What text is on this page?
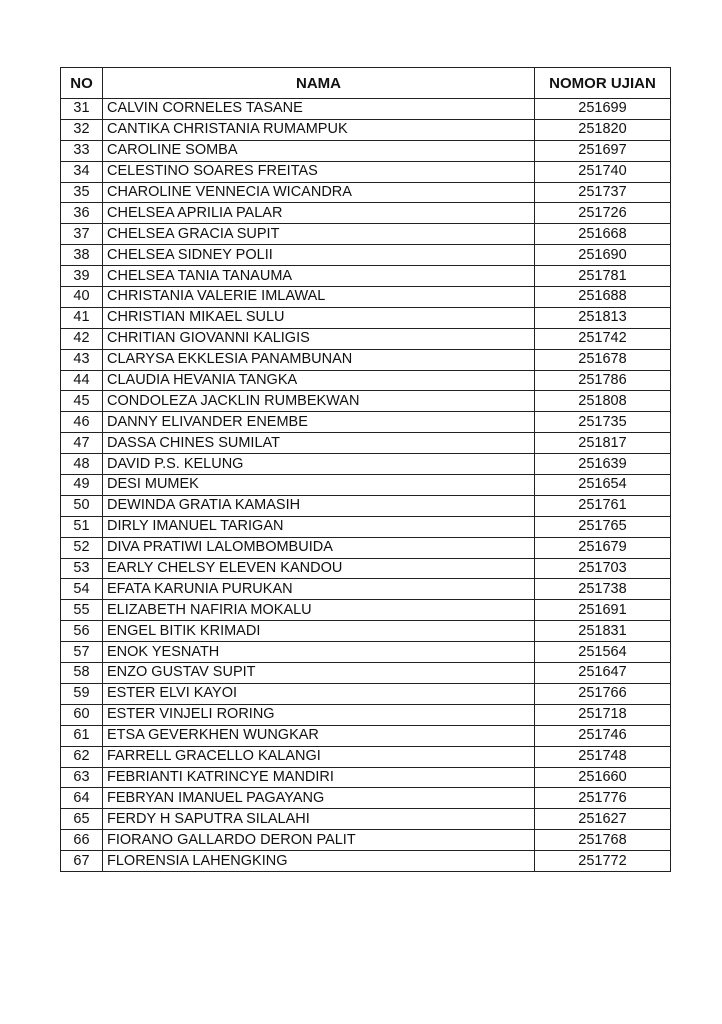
NO	NAMA	NOMOR UJIAN
31	CALVIN CORNELES TASANE	251699
32	CANTIKA CHRISTANIA RUMAMPUK	251820
33	CAROLINE SOMBA	251697
34	CELESTINO SOARES FREITAS	251740
35	CHAROLINE VENNECIA WICANDRA	251737
36	CHELSEA APRILIA PALAR	251726
37	CHELSEA GRACIA SUPIT	251668
38	CHELSEA SIDNEY POLII	251690
39	CHELSEA TANIA TANAUMA	251781
40	CHRISTANIA VALERIE IMLAWAL	251688
41	CHRISTIAN MIKAEL SULU	251813
42	CHRITIAN GIOVANNI KALIGIS	251742
43	CLARYSA EKKLESIA PANAMBUNAN	251678
44	CLAUDIA HEVANIA TANGKA	251786
45	CONDOLEZA JACKLIN RUMBEKWAN	251808
46	DANNY ELIVANDER ENEMBE	251735
47	DASSA CHINES SUMILAT	251817
48	DAVID P.S. KELUNG	251639
49	DESI MUMEK	251654
50	DEWINDA GRATIA KAMASIH	251761
51	DIRLY IMANUEL TARIGAN	251765
52	DIVA PRATIWI LALOMBOMBUIDA	251679
53	EARLY CHELSY ELEVEN KANDOU	251703
54	EFATA KARUNIA PURUKAN	251738
55	ELIZABETH NAFIRIA MOKALU	251691
56	ENGEL BITIK KRIMADI	251831
57	ENOK YESNATH	251564
58	ENZO GUSTAV SUPIT	251647
59	ESTER ELVI KAYOI	251766
60	ESTER VINJELI RORING	251718
61	ETSA GEVERKHEN WUNGKAR	251746
62	FARRELL GRACELLO KALANGI	251748
63	FEBRIANTI KATRINCYE MANDIRI	251660
64	FEBRYAN IMANUEL PAGAYANG	251776
65	FERDY H SAPUTRA SILALAHI	251627
66	FIORANO GALLARDO DERON PALIT	251768
67	FLORENSIA LAHENGKING	251772
